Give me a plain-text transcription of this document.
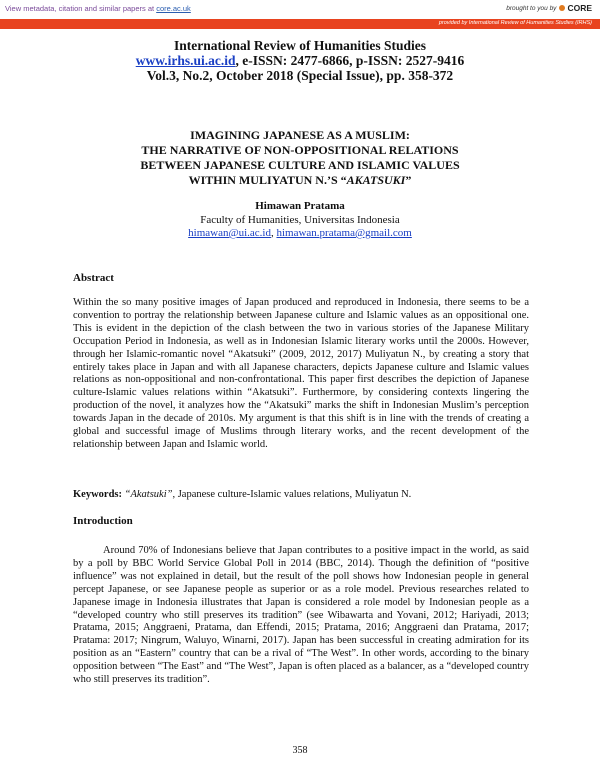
View metadata, citation and similar papers at core.ac.uk	brought to you by CORE
provided by International Review of Humanities Studies (IRHS)
International Review of Humanities Studies
www.irhs.ui.ac.id, e-ISSN: 2477-6866, p-ISSN: 2527-9416
Vol.3, No.2, October 2018 (Special Issue), pp. 358-372
IMAGINING JAPANESE AS A MUSLIM:
THE NARRATIVE OF NON-OPPOSITIONAL RELATIONS
BETWEEN JAPANESE CULTURE AND ISLAMIC VALUES
WITHIN MULIYATUN N.’S “AKATSUKI”
Himawan Pratama
Faculty of Humanities, Universitas Indonesia
himawan@ui.ac.id, himawan.pratama@gmail.com
Abstract
Within the so many positive images of Japan produced and reproduced in Indonesia, there seems to be a convention to portray the relationship between Japanese culture and Islamic values as an oppositional one. This is evident in the depiction of the clash between the two in various stories of the Japanese Military Occupation Period in Indonesia, as well as in Indonesian Islamic literary works until the 2000s. However, through her Islamic-romantic novel “Akatsuki” (2009, 2012, 2017) Muliyatun N., by creating a story that entirely takes place in Japan and with all Japanese characters, depicts Japanese culture and Islamic values relations as non-oppositional and non-confrontational. This paper first describes the depiction of Japanese culture-Islamic values relations within “Akatsuki”. Furthermore, by considering contexts lingering the production of the novel, it analyzes how the “Akatsuki” marks the shift in Indonesian Muslim’s perception towards Japan in the decade of 2010s. My argument is that this shift is in line with the trends of creating a global and successful image of Muslims through literary works, and the recent development of the relationship between Japan and Islamic world.
Keywords: “Akatsuki”, Japanese culture-Islamic values relations, Muliyatun N.
Introduction
Around 70% of Indonesians believe that Japan contributes to a positive impact in the world, as said by a poll by BBC World Service Global Poll in 2014 (BBC, 2014). Though the definition of “positive influence” was not explained in detail, but the result of the poll shows how Indonesian people in general percept Japanese, or see Japanese people as superior or as a role model. Previous researches related to Japanese image in Indonesia illustrates that Japan is considered a role model by Indonesian people as a “developed country who still preserves its tradition” (see Wibawarta and Yovani, 2012; Hariyadi, 2013; Pratama, 2015; Anggraeni, Pratama, dan Effendi, 2015; Pratama, 2016; Anggraeni dan Pratama, 2017; Pratama: 2017; Ningrum, Waluyo, Winarni, 2017). Japan has been successful in creating admiration for its position as an “Eastern” country that can be a rival of “The West”. In other words, according to the binary opposition between “The East” and “The West”, Japan is often placed as a balancer, as a “developed country who still preserves its tradition”.
358
